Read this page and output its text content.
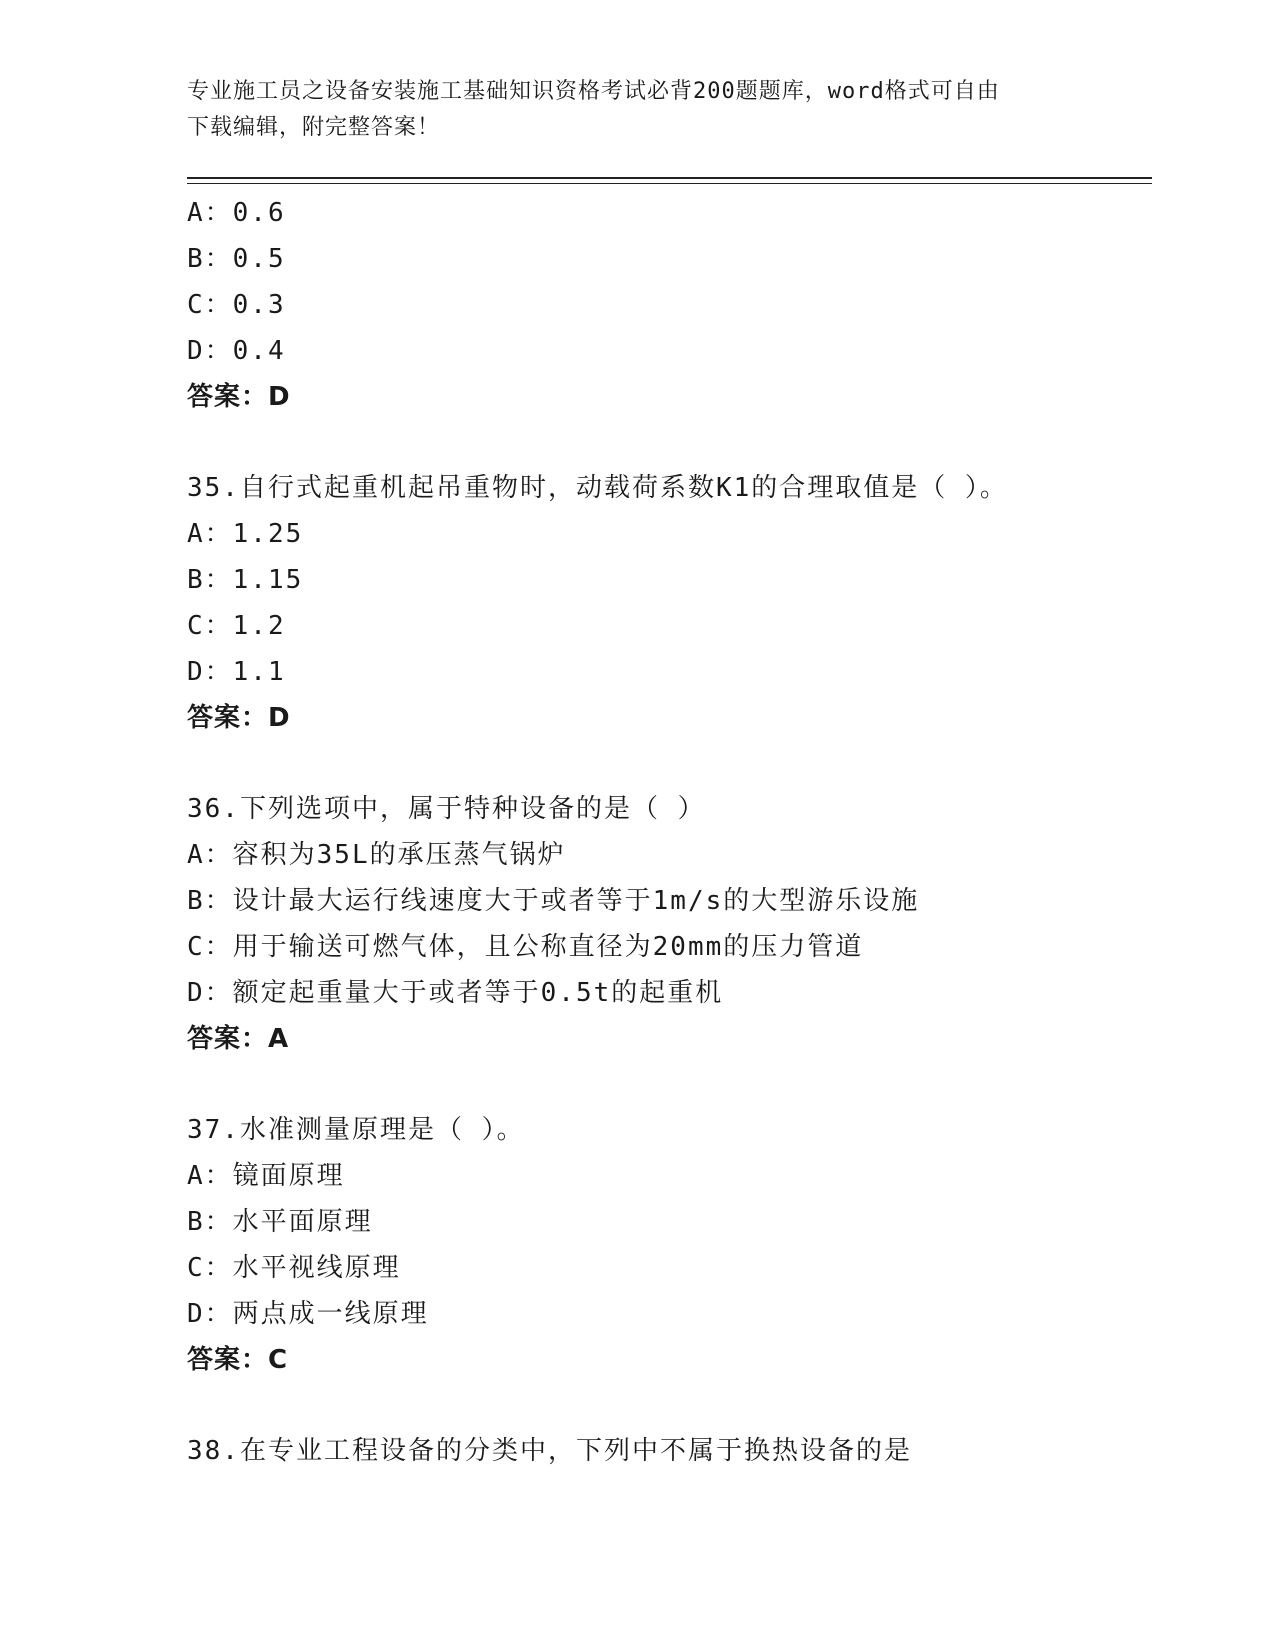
专业施工员之设备安装施工基础知识资格考试必背200题题库，word格式可自由
下载编辑，附完整答案！
A：0.6
B：0.5
C：0.3
D：0.4
答案：D
35.自行式起重机起吊重物时，动载荷系数K1的合理取值是（ ）。
A：1.25
B：1.15
C：1.2
D：1.1
答案：D
36.下列选项中，属于特种设备的是（ ）
A：容积为35L的承压蒸气锅炉
B：设计最大运行线速度大于或者等于1m/s的大型游乐设施
C：用于输送可燃气体，且公称直径为20mm的压力管道
D：额定起重量大于或者等于0.5t的起重机
答案：A
37.水准测量原理是（ ）。
A：镜面原理
B：水平面原理
C：水平视线原理
D：两点成一线原理
答案：C
38.在专业工程设备的分类中，下列中不属于换热设备的是
